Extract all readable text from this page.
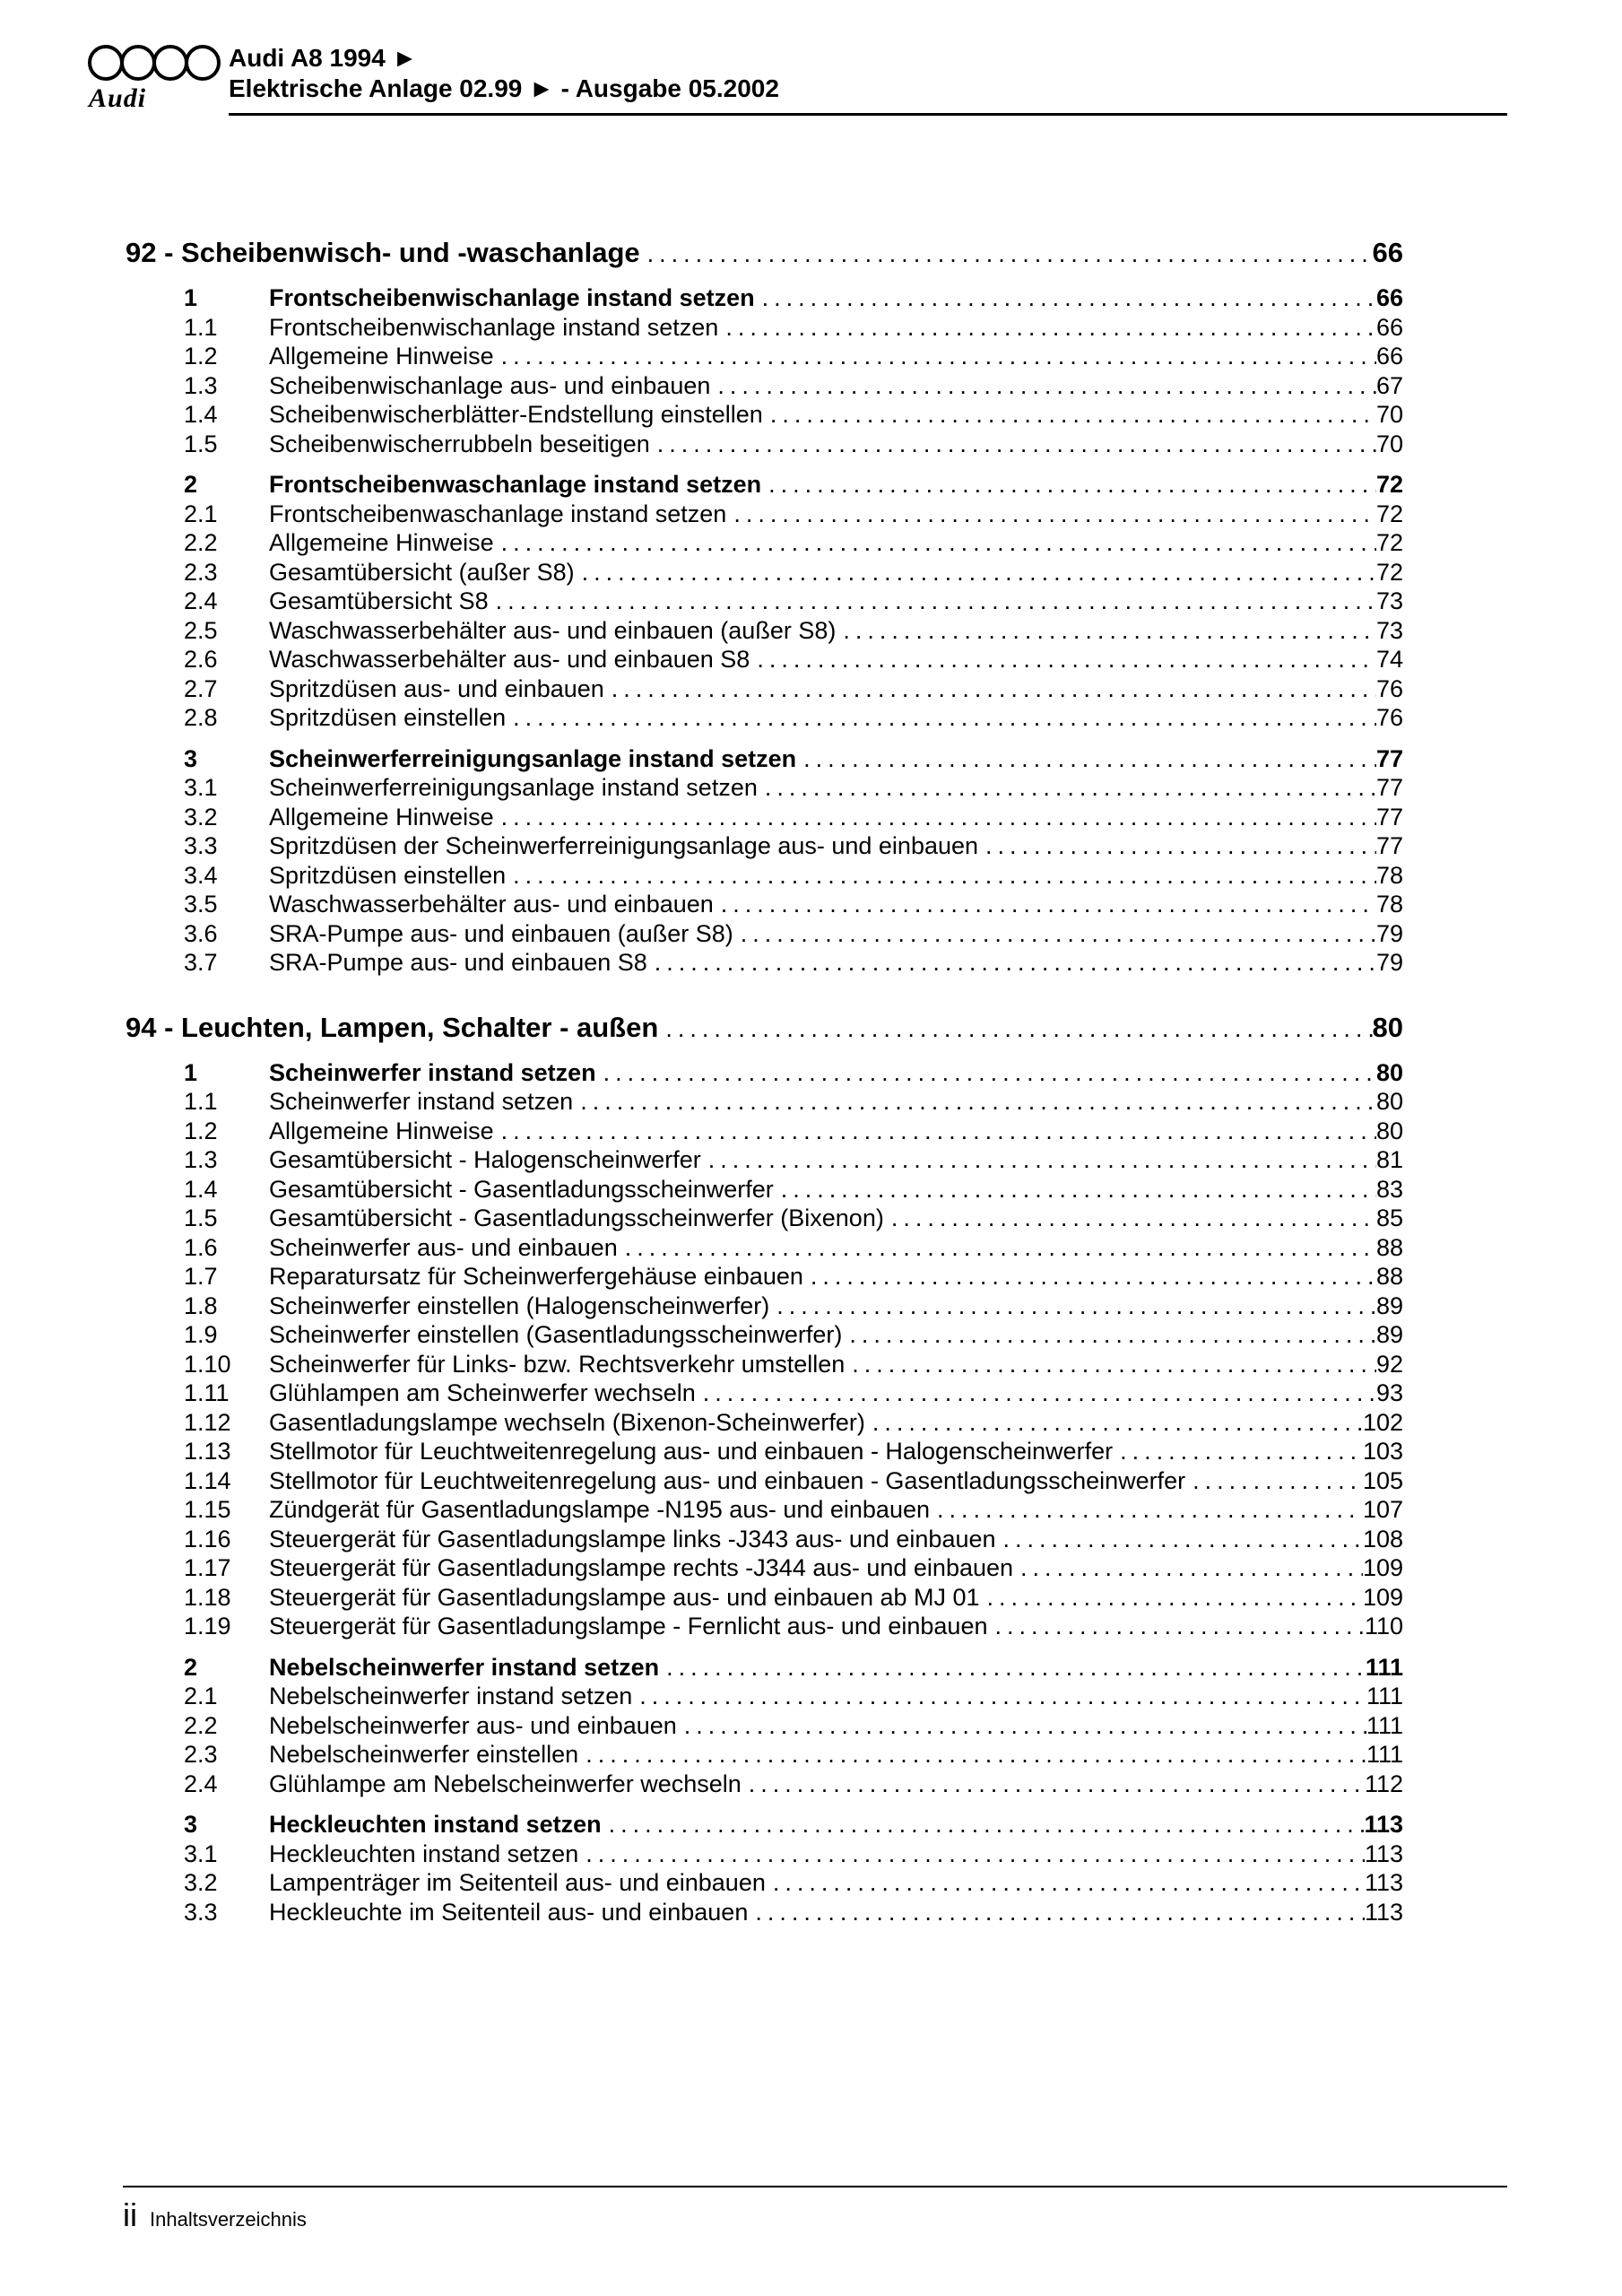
Audi
Audi A8 1994 ►
Elektrische Anlage 02.99 ► - Ausgabe 05.2002
92 - Scheibenwisch- und -waschanlage .....	66
1	Frontscheibenwischanlage instand setzen .....	66
1.1	Frontscheibenwischanlage instand setzen .....	66
1.2	Allgemeine Hinweise .....	66
1.3	Scheibenwischanlage aus- und einbauen .....	67
1.4	Scheibenwischerblätter-Endstellung einstellen .....	70
1.5	Scheibenwischerrubbeln beseitigen .....	70
2	Frontscheibenwaschanlage instand setzen .....	72
2.1	Frontscheibenwaschanlage instand setzen .....	72
2.2	Allgemeine Hinweise .....	72
2.3	Gesamtübersicht (außer S8) .....	72
2.4	Gesamtübersicht S8 .....	73
2.5	Waschwasserbehälter aus- und einbauen (außer S8) .....	73
2.6	Waschwasserbehälter aus- und einbauen S8 .....	74
2.7	Spritzdüsen aus- und einbauen .....	76
2.8	Spritzdüsen einstellen .....	76
3	Scheinwerferreinigungsanlage instand setzen .....	77
3.1	Scheinwerferreinigungsanlage instand setzen .....	77
3.2	Allgemeine Hinweise .....	77
3.3	Spritzdüsen der Scheinwerferreinigungsanlage aus- und einbauen .....	77
3.4	Spritzdüsen einstellen .....	78
3.5	Waschwasserbehälter aus- und einbauen .....	78
3.6	SRA-Pumpe aus- und einbauen (außer S8) .....	79
3.7	SRA-Pumpe aus- und einbauen S8 .....	79
94 - Leuchten, Lampen, Schalter - außen .....	80
1	Scheinwerfer instand setzen .....	80
1.1	Scheinwerfer instand setzen .....	80
1.2	Allgemeine Hinweise .....	80
1.3	Gesamtübersicht - Halogenscheinwerfer .....	81
1.4	Gesamtübersicht - Gasentladungsscheinwerfer .....	83
1.5	Gesamtübersicht - Gasentladungsscheinwerfer (Bixenon) .....	85
1.6	Scheinwerfer aus- und einbauen .....	88
1.7	Reparatursatz für Scheinwerfergehäuse einbauen .....	88
1.8	Scheinwerfer einstellen (Halogenscheinwerfer) .....	89
1.9	Scheinwerfer einstellen (Gasentladungsscheinwerfer) .....	89
1.10	Scheinwerfer für Links- bzw. Rechtsverkehr umstellen .....	92
1.11	Glühlampen am Scheinwerfer wechseln .....	93
1.12	Gasentladungslampe wechseln (Bixenon-Scheinwerfer) .....	102
1.13	Stellmotor für Leuchtweitenregelung aus- und einbauen - Halogenscheinwerfer .....	103
1.14	Stellmotor für Leuchtweitenregelung aus- und einbauen - Gasentladungsscheinwerfer .....	105
1.15	Zündgerät für Gasentladungslampe -N195 aus- und einbauen .....	107
1.16	Steuergerät für Gasentladungslampe links -J343 aus- und einbauen .....	108
1.17	Steuergerät für Gasentladungslampe rechts -J344 aus- und einbauen .....	109
1.18	Steuergerät für Gasentladungslampe aus- und einbauen ab MJ 01 .....	109
1.19	Steuergerät für Gasentladungslampe - Fernlicht aus- und einbauen .....	110
2	Nebelscheinwerfer instand setzen .....	111
2.1	Nebelscheinwerfer instand setzen .....	111
2.2	Nebelscheinwerfer aus- und einbauen .....	111
2.3	Nebelscheinwerfer einstellen .....	111
2.4	Glühlampe am Nebelscheinwerfer wechseln .....	112
3	Heckleuchten instand setzen .....	113
3.1	Heckleuchten instand setzen .....	113
3.2	Lampenträger im Seitenteil aus- und einbauen .....	113
3.3	Heckleuchte im Seitenteil aus- und einbauen .....	113
ii Inhaltsverzeichnis
